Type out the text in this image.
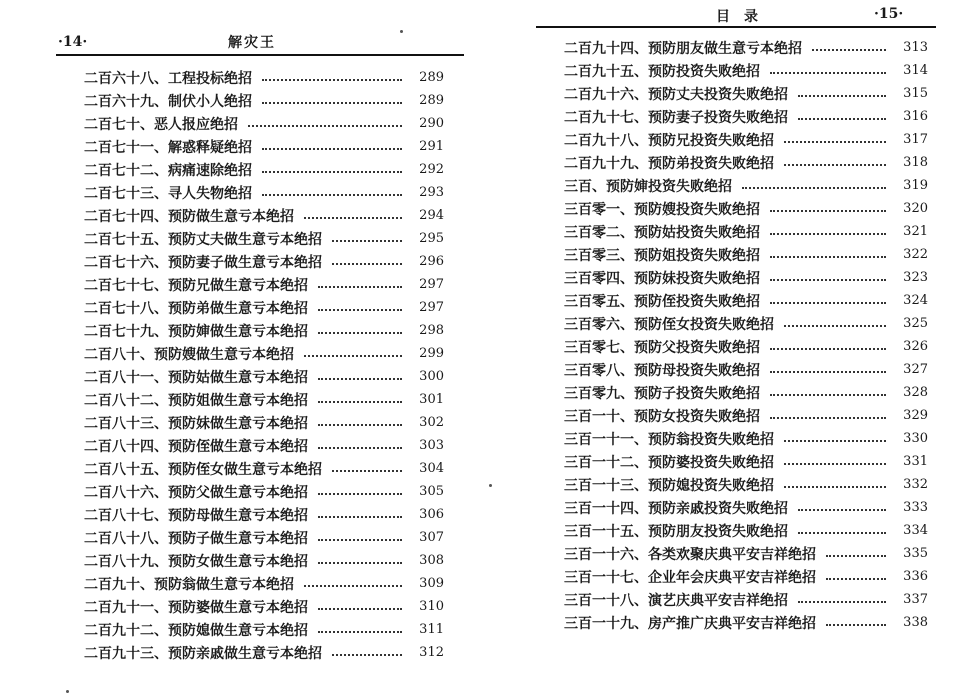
·14·	解灾王
二百六十八、工程投标绝招	289
二百六十九、制伏小人绝招	289
二百七十、恶人报应绝招	290
二百七十一、解惑释疑绝招	291
二百七十二、病痛速除绝招	292
二百七十三、寻人失物绝招	293
二百七十四、预防做生意亏本绝招	294
二百七十五、预防丈夫做生意亏本绝招	295
二百七十六、预防妻子做生意亏本绝招	296
二百七十七、预防兄做生意亏本绝招	297
二百七十八、预防弟做生意亏本绝招	297
二百七十九、预防婶做生意亏本绝招	298
二百八十、预防嫂做生意亏本绝招	299
二百八十一、预防姑做生意亏本绝招	300
二百八十二、预防姐做生意亏本绝招	301
二百八十三、预防妹做生意亏本绝招	302
二百八十四、预防侄做生意亏本绝招	303
二百八十五、预防侄女做生意亏本绝招	304
二百八十六、预防父做生意亏本绝招	305
二百八十七、预防母做生意亏本绝招	306
二百八十八、预防子做生意亏本绝招	307
二百八十九、预防女做生意亏本绝招	308
二百九十、预防翁做生意亏本绝招	309
二百九十一、预防婆做生意亏本绝招	310
二百九十二、预防媳做生意亏本绝招	311
二百九十三、预防亲戚做生意亏本绝招	312
目录	·15·
二百九十四、预防朋友做生意亏本绝招	313
二百九十五、预防投资失败绝招	314
二百九十六、预防丈夫投资失败绝招	315
二百九十七、预防妻子投资失败绝招	316
二百九十八、预防兄投资失败绝招	317
二百九十九、预防弟投资失败绝招	318
三百、预防婶投资失败绝招	319
三百零一、预防嫂投资失败绝招	320
三百零二、预防姑投资失败绝招	321
三百零三、预防姐投资失败绝招	322
三百零四、预防妹投资失败绝招	323
三百零五、预防侄投资失败绝招	324
三百零六、预防侄女投资失败绝招	325
三百零七、预防父投资失败绝招	326
三百零八、预防母投资失败绝招	327
三百零九、预防子投资失败绝招	328
三百一十、预防女投资失败绝招	329
三百一十一、预防翁投资失败绝招	330
三百一十二、预防婆投资失败绝招	331
三百一十三、预防媳投资失败绝招	332
三百一十四、预防亲戚投资失败绝招	333
三百一十五、预防朋友投资失败绝招	334
三百一十六、各类欢聚庆典平安吉祥绝招	335
三百一十七、企业年会庆典平安吉祥绝招	336
三百一十八、演艺庆典平安吉祥绝招	337
三百一十九、房产推广庆典平安吉祥绝招	338
